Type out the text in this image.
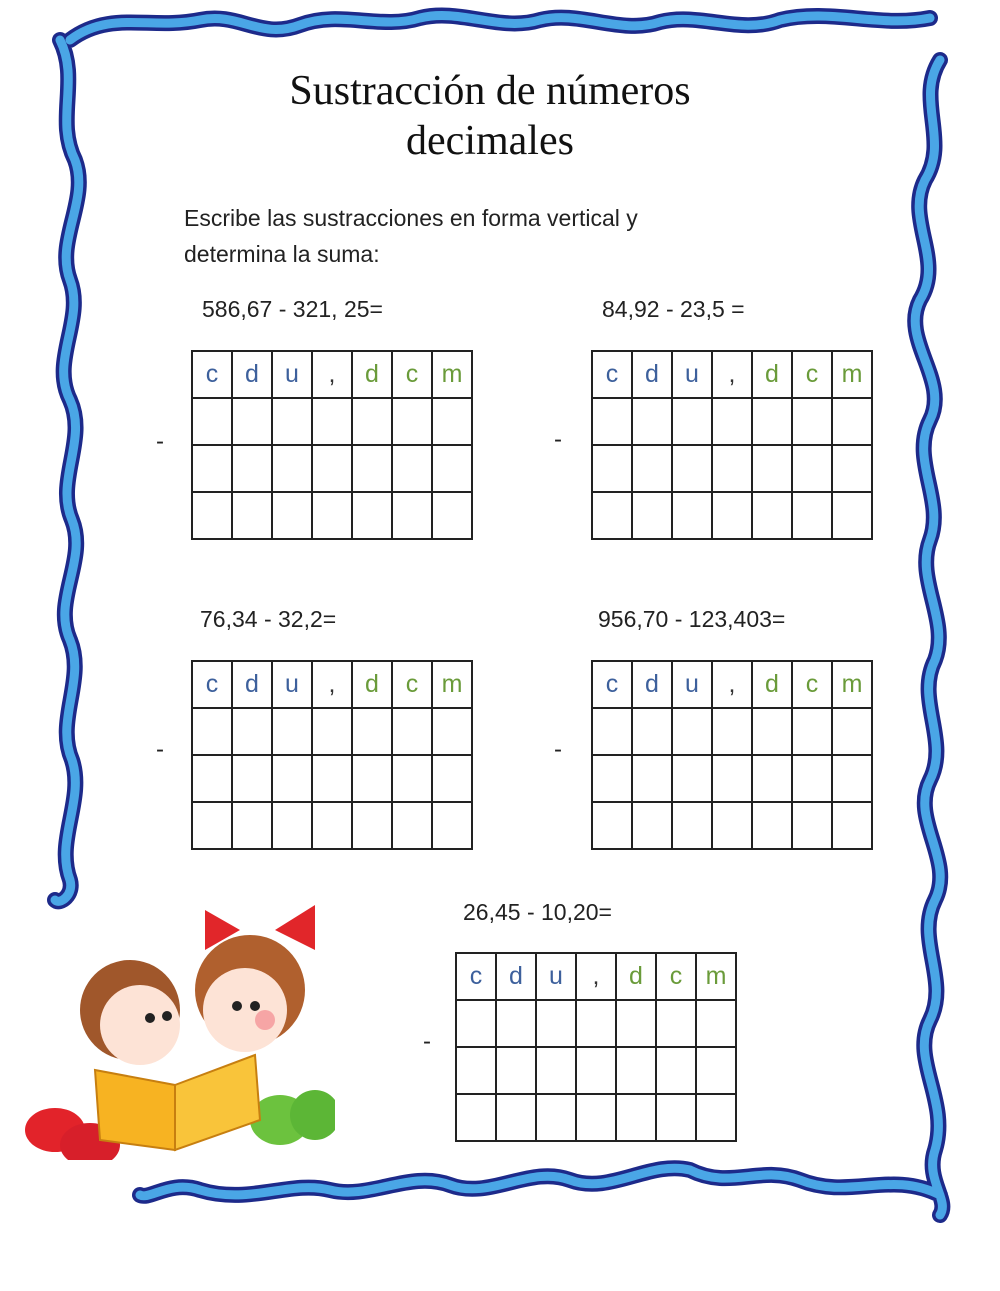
Sustracción de números
decimales
Escribe las sustracciones en forma vertical y
determina la suma:
586,67 - 321, 25=
-
c	d	u	,	d	c	m

84,92 - 23,5 =
-
c	d	u	,	d	c	m

76,34 - 32,2=
-
c	d	u	,	d	c	m

956,70 - 123,403=
-
c	d	u	,	d	c	m

26,45 - 10,20=
-
c	d	u	,	d	c	m
